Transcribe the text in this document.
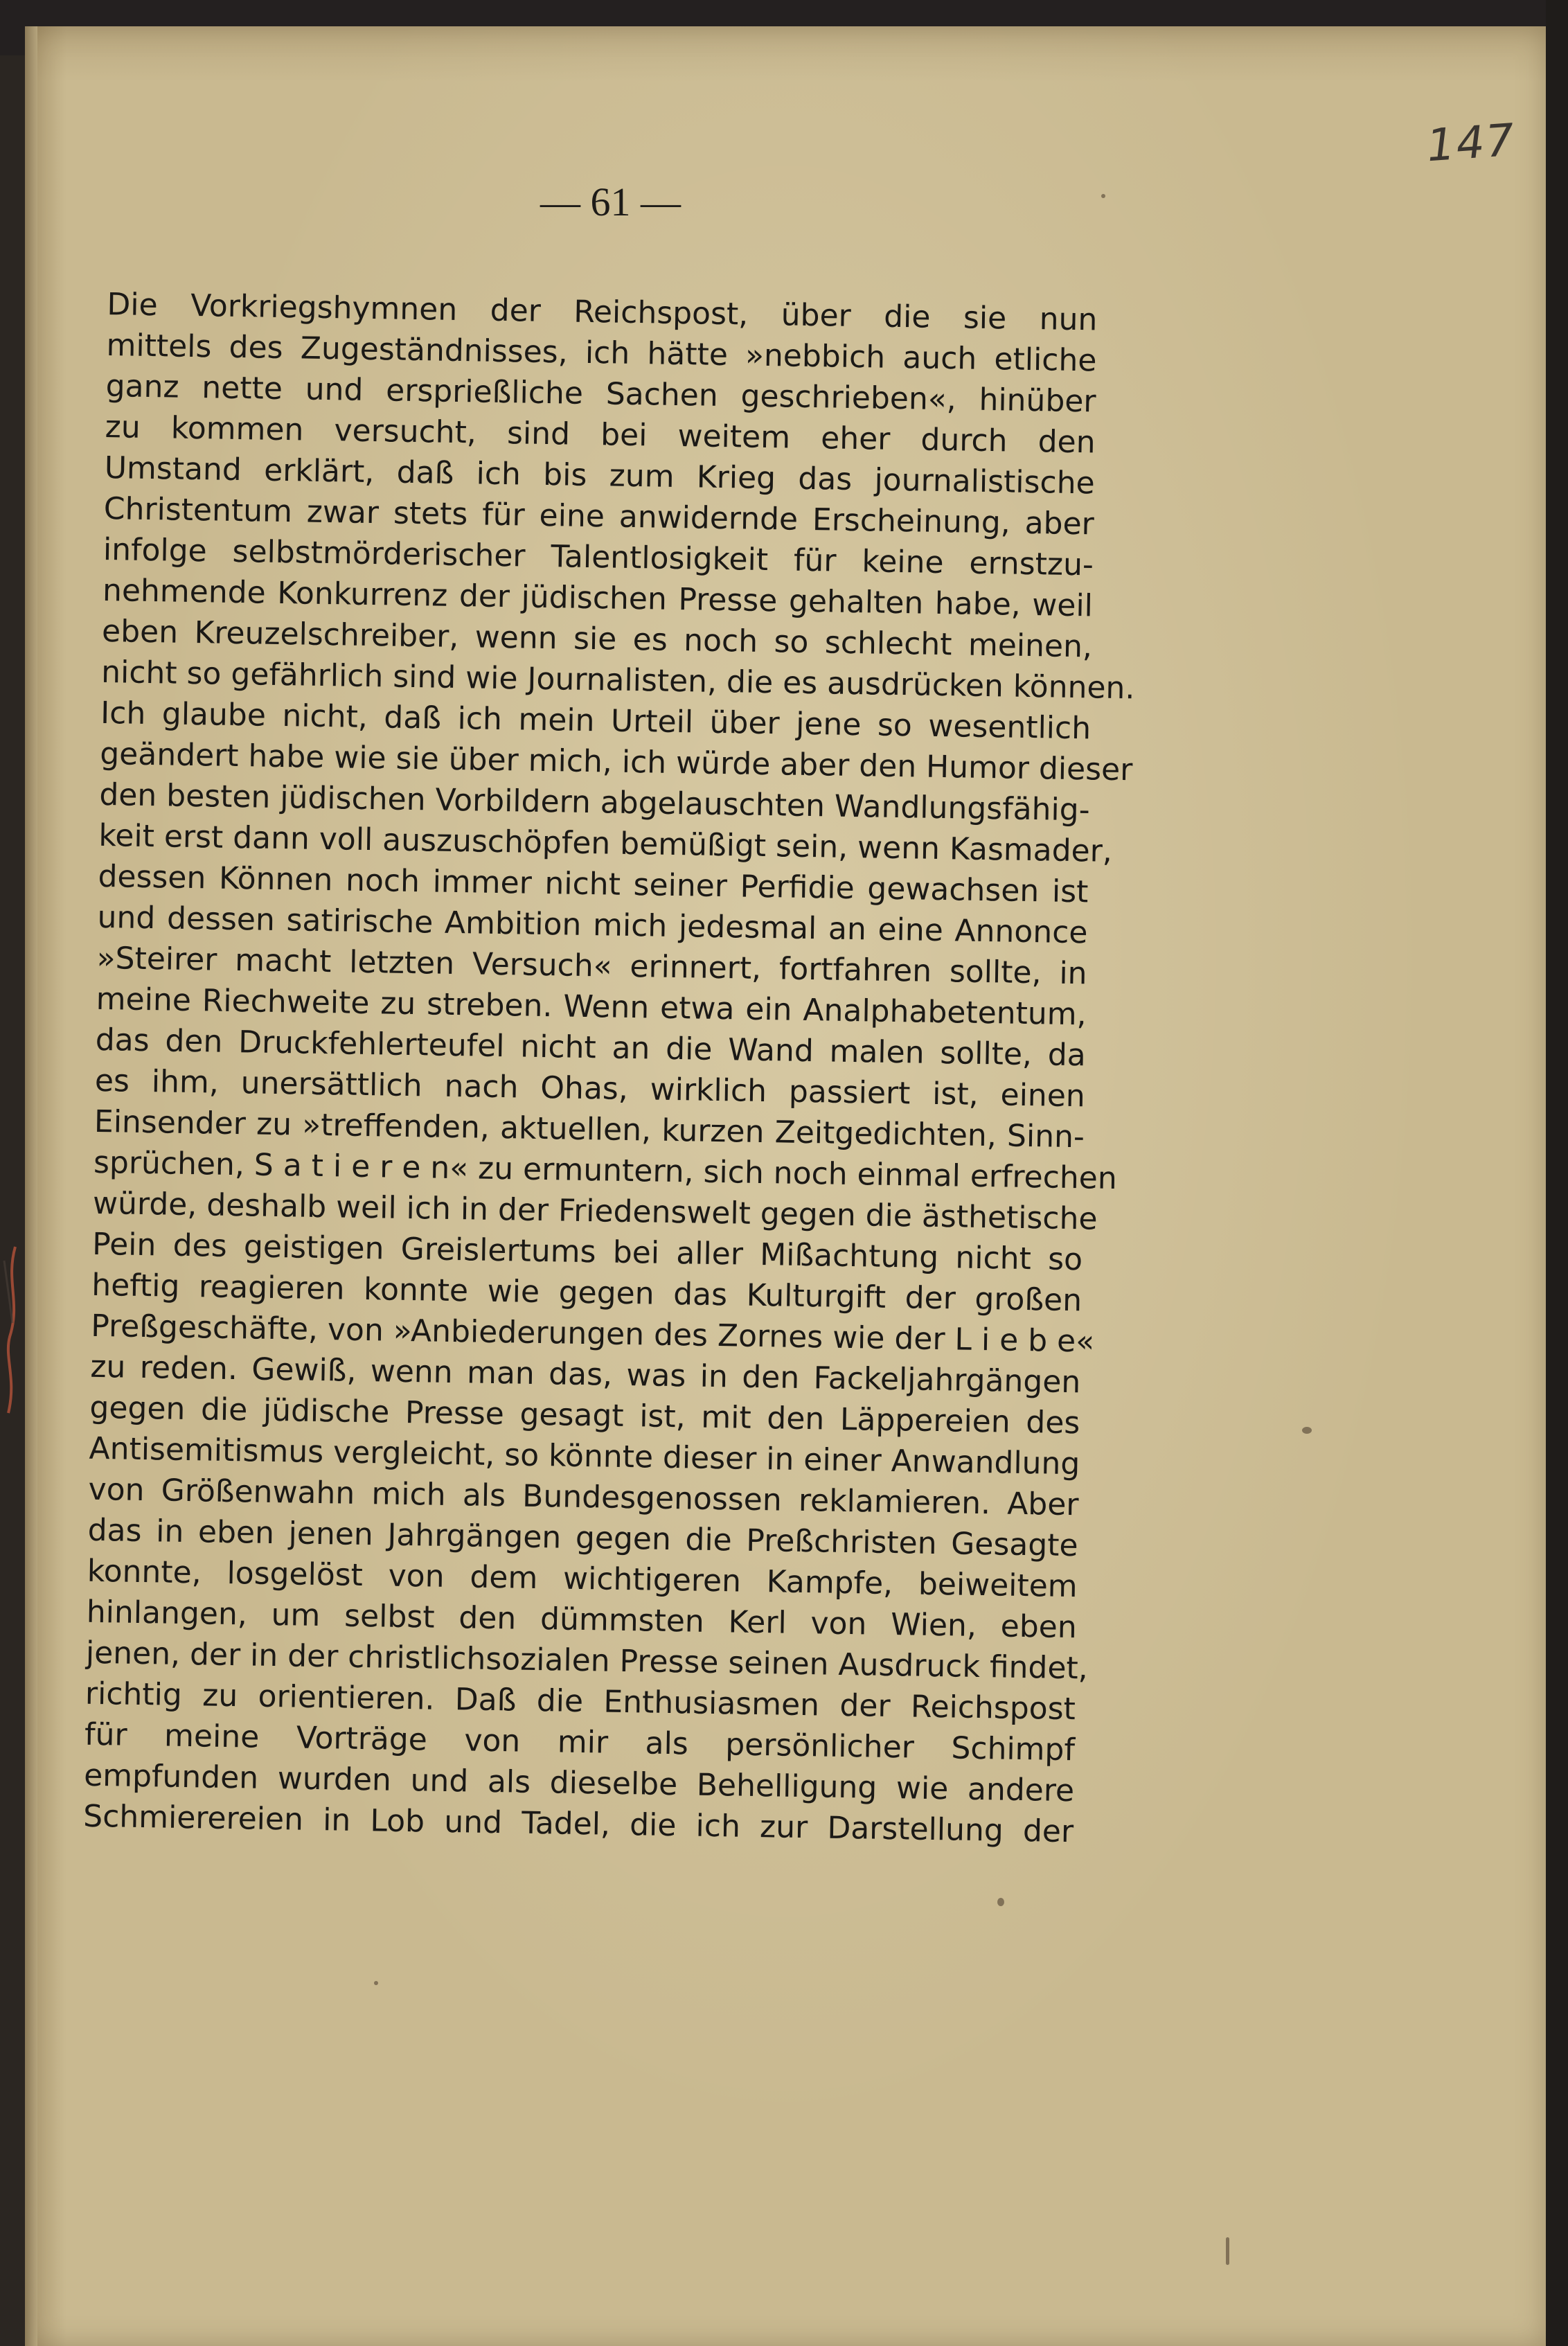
147
— 61 —
Die Vorkriegshymnen der Reichspost, über die sie nun
mittels des Zugeständnisses, ich hätte »nebbich auch etliche
ganz nette und ersprießliche Sachen geschrieben«, hinüber
zu kommen versucht, sind bei weitem eher durch den
Umstand erklärt, daß ich bis zum Krieg das journalistische
Christentum zwar stets für eine anwidernde Erscheinung, aber
infolge selbstmörderischer Talentlosigkeit für keine ernstzu-
nehmende Konkurrenz der jüdischen Presse gehalten habe, weil
eben Kreuzelschreiber, wenn sie es noch so schlecht meinen,
nicht so gefährlich sind wie Journalisten, die es ausdrücken können.
Ich glaube nicht, daß ich mein Urteil über jene so wesentlich
geändert habe wie sie über mich, ich würde aber den Humor dieser
den besten jüdischen Vorbildern abgelauschten Wandlungsfähig-
keit erst dann voll auszuschöpfen bemüßigt sein, wenn Kasmader,
dessen Können noch immer nicht seiner Perfidie gewachsen ist
und dessen satirische Ambition mich jedesmal an eine Annonce
»Steirer macht letzten Versuch« erinnert, fortfahren sollte, in
meine Riechweite zu streben. Wenn etwa ein Analphabetentum,
das den Druckfehlerteufel nicht an die Wand malen sollte, da
es ihm, unersättlich nach Ohas, wirklich passiert ist, einen
Einsender zu »treffenden, aktuellen, kurzen Zeitgedichten, Sinn-
sprüchen, S a t i e r e n« zu ermuntern, sich noch einmal erfrechen
würde, deshalb weil ich in der Friedenswelt gegen die ästhetische
Pein des geistigen Greislertums bei aller Mißachtung nicht so
heftig reagieren konnte wie gegen das Kulturgift der großen
Preßgeschäfte, von »Anbiederungen des Zornes wie der L i e b e«
zu reden. Gewiß, wenn man das, was in den Fackeljahrgängen
gegen die jüdische Presse gesagt ist, mit den Läppereien des
Antisemitismus vergleicht, so könnte dieser in einer Anwandlung
von Größenwahn mich als Bundesgenossen reklamieren. Aber
das in eben jenen Jahrgängen gegen die Preßchristen Gesagte
konnte, losgelöst von dem wichtigeren Kampfe, beiweitem
hinlangen, um selbst den dümmsten Kerl von Wien, eben
jenen, der in der christlichsozialen Presse seinen Ausdruck findet,
richtig zu orientieren. Daß die Enthusiasmen der Reichspost
für meine Vorträge von mir als persönlicher Schimpf
empfunden wurden und als dieselbe Behelligung wie andere
Schmierereien in Lob und Tadel, die ich zur Darstellung der
